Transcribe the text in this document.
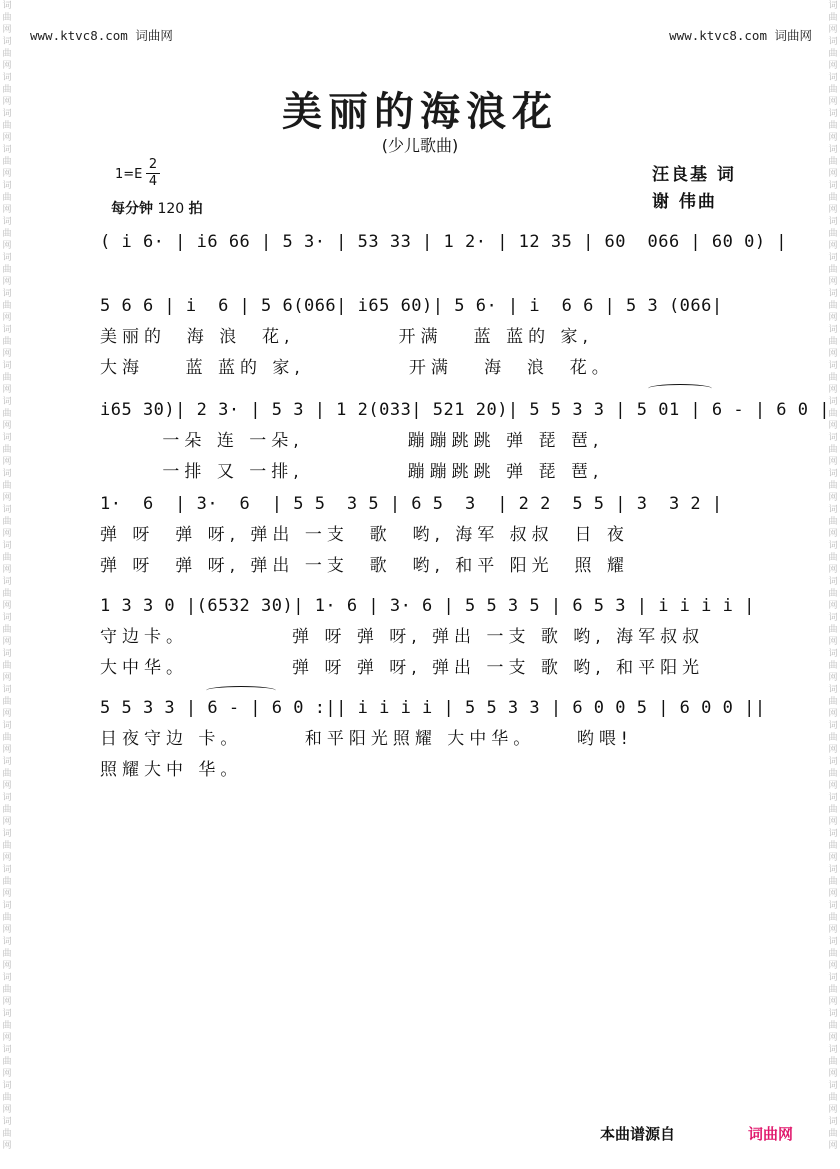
词
曲
网
词
曲
网
词
曲
网
词
曲
网
词
曲
网
词
曲
网
词
曲
网
词
曲
网
词
曲
网
词
曲
网
词
曲
网
词
曲
网
词
曲
网
词
曲
网
词
曲
网
词
曲
网
词
曲
网
词
曲
网
词
曲
网
词
曲
网
词
曲
网
词
曲
网
词
曲
网
词
曲
网
词
曲
网
词
曲
网
词
曲
网
词
曲
网
词
曲
网
词
曲
网
词
曲
网
词
曲
网
词
曲
网
词
曲
网
词
曲
网
词
曲
网
词
曲
网
词
曲
网
词
曲
网
词
曲
网
词
曲
网
词
曲
网
词
曲
网
词
曲
网
词
曲
网
词
曲
网
词
曲
网
词
曲
网
词
曲
网
词
曲
网
词
曲
网
词
曲
网
词
曲
网
词
曲
网
词
曲
网
词
曲
网
词
曲
网
词
曲
网
词
曲
网
词
曲
网
词
曲
网
词
曲
网
词
曲
网
词
曲
网
www.ktvc8.com 词曲网	www.ktvc8.com 词曲网
美丽的海浪花
(少儿歌曲)
1=E
2
4
每分钟 120 拍
汪良基 词
谢 伟曲
( i 6· | i6 66 | 5 3· | 53 33 | 1 2· | 12 35 | 60  066 | 60 0) |
5 6 6 | i  6 | 5 6(066| i65 60)| 5 6· | i  6 6 | 5 3 (066|
美丽的  海 浪  花,          开满   蓝 蓝的 家,
大海    蓝 蓝的 家,          开满   海  浪  花。
i65 30)| 2 3· | 5 3 | 1 2(033| 521 20)| 5 5 3 3 | 5 01 | 6 - | 6 0 |
一朵 连 一朵,          蹦蹦跳跳 弹 琵 琶,
一排 又 一排,          蹦蹦跳跳 弹 琵 琶,
1·  6  | 3·  6  | 5 5  3 5 | 6 5  3  | 2 2  5 5 | 3  3 2 |
弹 呀  弹 呀, 弹出 一支  歌  哟, 海军 叔叔  日 夜
弹 呀  弹 呀, 弹出 一支  歌  哟, 和平 阳光  照 耀
1 3 3 0 |(6532 30)| 1· 6 | 3· 6 | 5 5 3 5 | 6 5 3 | i i i i |
守边卡。          弹 呀 弹 呀, 弹出 一支 歌 哟, 海军叔叔
大中华。          弹 呀 弹 呀, 弹出 一支 歌 哟, 和平阳光
5 5 3 3 | 6 - | 6 0 :|| i i i i | 5 5 3 3 | 6 0 0 5 | 6 0 0 ||
日夜守边 卡。      和平阳光照耀 大中华。    哟喂!
照耀大中 华。
本曲谱源自	词曲网
